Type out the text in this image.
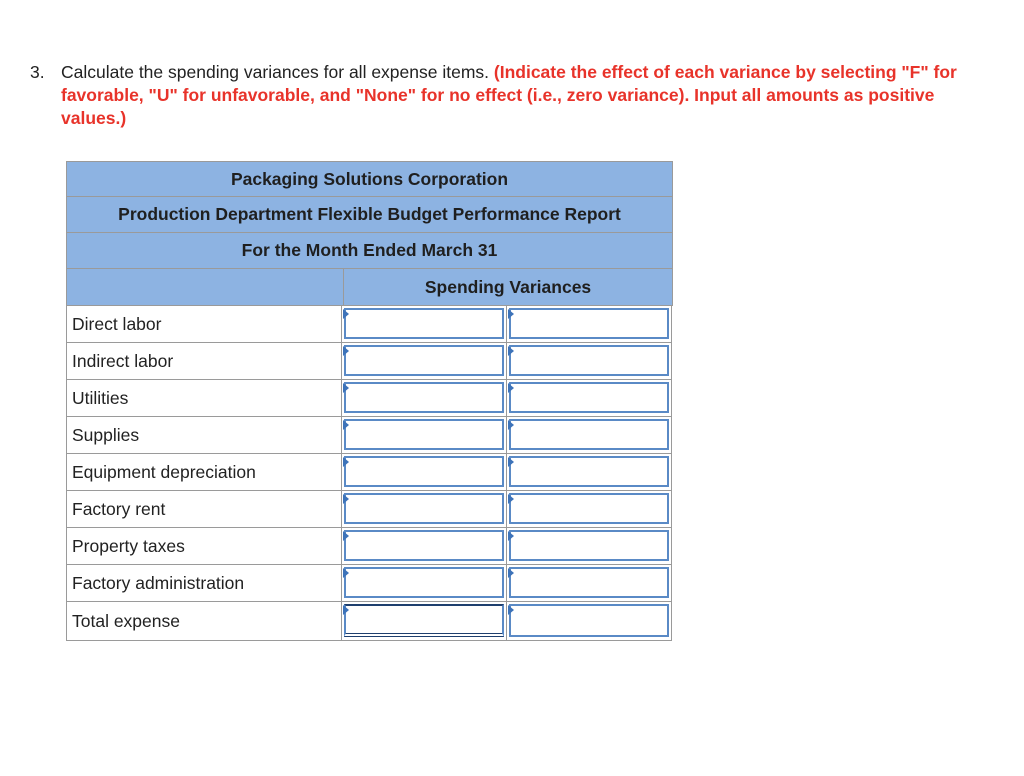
3. Calculate the spending variances for all expense items. (Indicate the effect of each variance by selecting "F" for favorable, "U" for unfavorable, and "None" for no effect (i.e., zero variance). Input all amounts as positive values.)
Packaging Solutions Corporation
Production Department Flexible Budget Performance Report
For the Month Ended March 31
Spending Variances
Direct labor
Indirect labor
Utilities
Supplies
Equipment depreciation
Factory rent
Property taxes
Factory administration
Total expense
